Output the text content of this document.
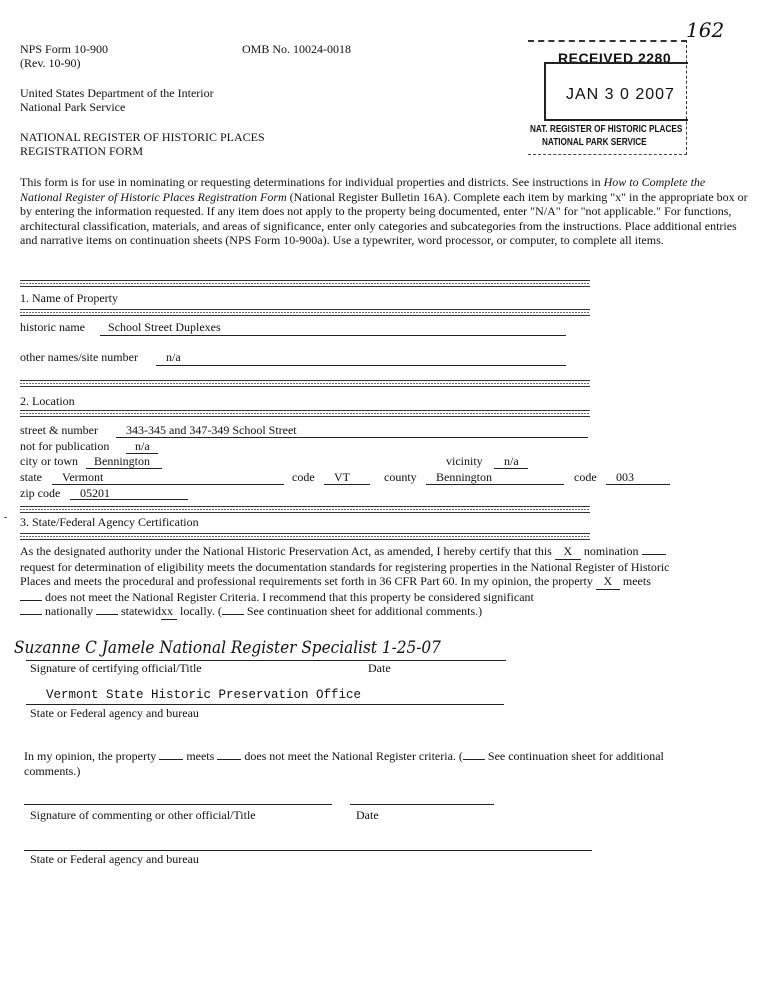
NPS Form 10-900
(Rev. 10-90)
OMB No. 10024-0018
United States Department of the Interior
National Park Service
NATIONAL REGISTER OF HISTORIC PLACES
REGISTRATION FORM
162
RECEIVED 2280
JAN 3 0 2007
NAT. REGISTER OF HISTORIC PLACES
NATIONAL PARK SERVICE
This form is for use in nominating or requesting determinations for individual properties and districts. See instructions in How to Complete the National Register of Historic Places Registration Form (National Register Bulletin 16A). Complete each item by marking "x" in the appropriate box or by entering the information requested. If any item does not apply to the property being documented, enter "N/A" for "not applicable." For functions, architectural classification, materials, and areas of significance, enter only categories and subcategories from the instructions. Place additional entries and narrative items on continuation sheets (NPS Form 10-900a). Use a typewriter, word processor, or computer, to complete all items.
1. Name of Property
historic name School Street Duplexes
other names/site number n/a
2. Location
street & number 343-345 and 347-349 School Street
not for publication n/a
city or town Bennington	vicinity n/a
state Vermont	code VT	county Bennington	code 003
zip code 05201
- 3. State/Federal Agency Certification
As the designated authority under the National Historic Preservation Act, as amended, I hereby certify that this X nomination
request for determination of eligibility meets the documentation standards for registering properties in the National Register of Historic
Places and meets the procedural and professional requirements set forth in 36 CFR Part 60. In my opinion, the property X meets
does not meet the National Register Criteria. I recommend that this property be considered significant
nationally  statewidxx locally. ( See continuation sheet for additional comments.)
Suzanne C Jamele National Register Specialist 1-25-07
Signature of certifying official/Title	Date
Vermont State Historic Preservation Office
State or Federal agency and bureau
In my opinion, the property  meets  does not meet the National Register criteria. ( See continuation sheet for additional
comments.)
Signature of commenting or other official/Title	Date
State or Federal agency and bureau
